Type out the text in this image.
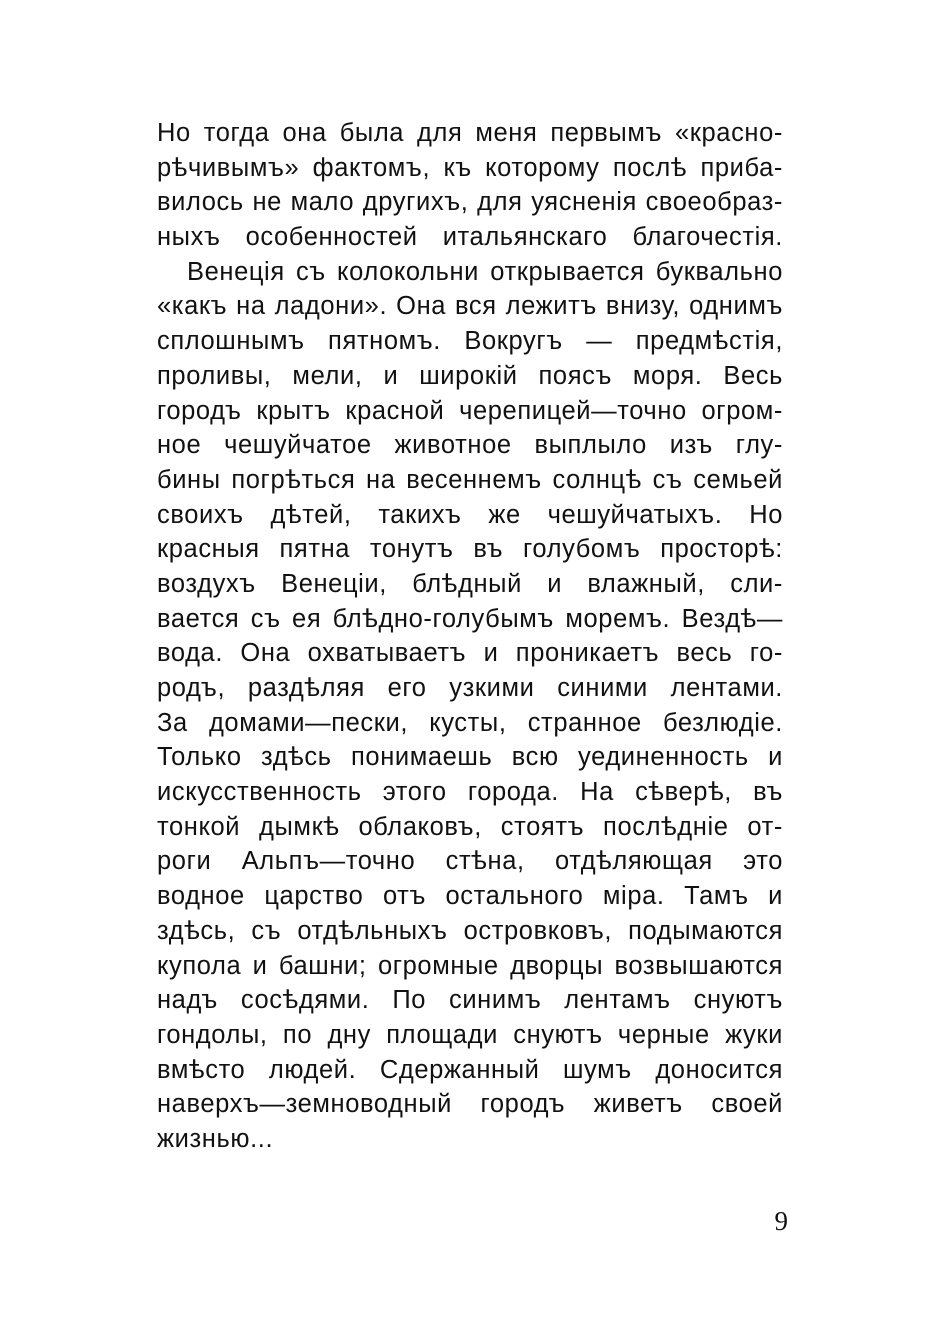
Но тогда она была для меня первымъ «красно-
рѣчивымъ» фактомъ, къ которому послѣ приба-
вилось не мало другихъ, для уясненія своеобраз-
ныхъ особенностей итальянскаго благочестія.
Венеція съ колокольни открывается буквально
«какъ на ладони». Она вся лежитъ внизу, однимъ
сплошнымъ пятномъ. Вокругъ — предмѣстія,
проливы, мели, и широкій поясъ моря. Весь
городъ крытъ красной черепицей—точно огром-
ное чешуйчатое животное выплыло изъ глу-
бины погрѣться на весеннемъ солнцѣ съ семьей
своихъ дѣтей, такихъ же чешуйчатыхъ. Но
красныя пятна тонутъ въ голубомъ просторѣ:
воздухъ Венеціи, блѣдный и влажный, сли-
вается съ ея блѣдно-голубымъ моремъ. Вездѣ—
вода. Она охватываетъ и проникаетъ весь го-
родъ, раздѣляя его узкими синими лентами.
За домами—пески, кусты, странное безлюдіе.
Только здѣсь понимаешь всю уединенность и
искусственность этого города. На сѣверѣ, въ
тонкой дымкѣ облаковъ, стоятъ послѣдніе от-
роги Альпъ—точно стѣна, отдѣляющая это
водное царство отъ остального міра. Тамъ и
здѣсь, съ отдѣльныхъ островковъ, подымаются
купола и башни; огромные дворцы возвышаются
надъ сосѣдями. По синимъ лентамъ снуютъ
гондолы, по дну площади снуютъ черные жуки
вмѣсто людей. Сдержанный шумъ доносится
наверхъ—земноводный городъ живетъ своей
жизнью...
9
